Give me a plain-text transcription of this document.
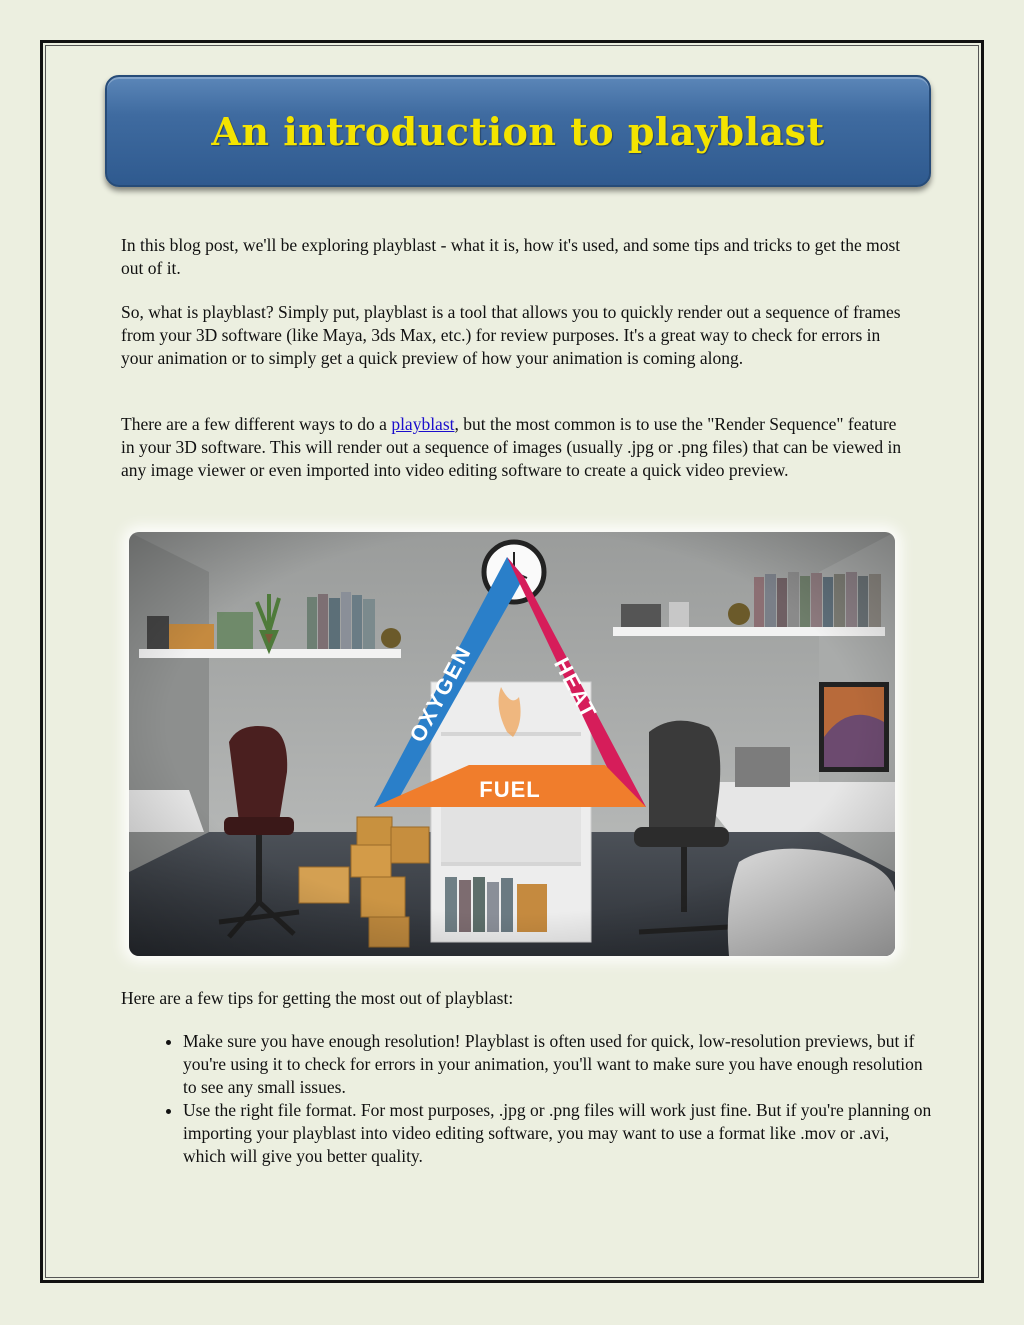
An introduction to playblast

In this blog post, we'll be exploring playblast - what it is, how it's used, and some tips and tricks to get the most out of it.

So, what is playblast? Simply put, playblast is a tool that allows you to quickly render out a sequence of frames from your 3D software (like Maya, 3ds Max, etc.) for review purposes. It's a great way to check for errors in your animation or to simply get a quick preview of how your animation is coming along.

There are a few different ways to do a playblast, but the most common is to use the "Render Sequence" feature in your 3D software. This will render out a sequence of images (usually .jpg or .png files) that can be viewed in any image viewer or even imported into video editing software to create a quick video preview.

Here are a few tips for getting the most out of playblast:

• Make sure you have enough resolution! Playblast is often used for quick, low-resolution previews, but if you're using it to check for errors in your animation, you'll want to make sure you have enough resolution to see any small issues.
• Use the right file format. For most purposes, .jpg or .png files will work just fine. But if you're planning on importing your playblast into video editing software, you may want to use a format like .mov or .avi, which will give you better quality.
